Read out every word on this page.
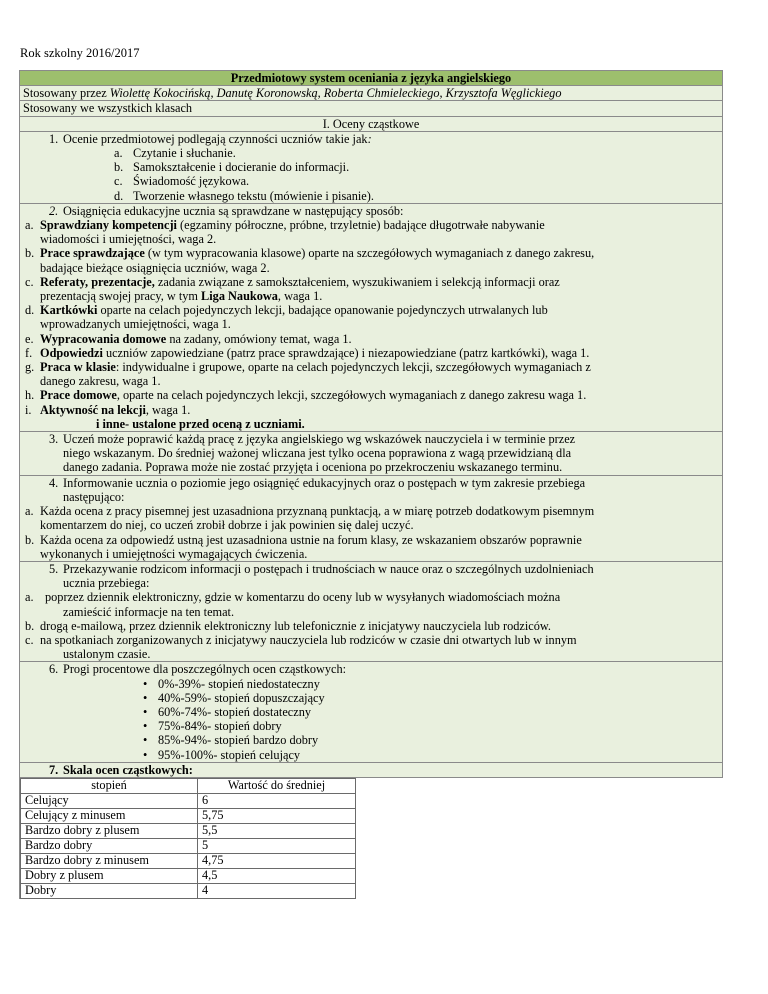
Rok szkolny 2016/2017
Przedmiotowy system oceniania z języka angielskiego
Stosowany przez Wiolettę Kokocińską, Danutę Koronowską, Roberta Chmieleckiego, Krzysztofa Węglickiego
Stosowany we wszystkich klasach
I. Oceny cząstkowe
1. Ocenie przedmiotowej podlegają czynności uczniów takie jak:
a. Czytanie i słuchanie.
b. Samokształcenie i docieranie do informacji.
c. Świadomość językowa.
d. Tworzenie własnego tekstu (mówienie i pisanie).
2. Osiągnięcia edukacyjne ucznia są sprawdzane w następujący sposób:
a. Sprawdziany kompetencji (egzaminy półroczne, próbne, trzyletnie) badające długotrwałe nabywanie
wiadomości i umiejętności, waga 2.
b. Prace sprawdzające (w tym wypracowania klasowe) oparte na szczegółowych wymaganiach z danego zakresu,
badające bieżące osiągnięcia uczniów, waga 2.
c. Referaty, prezentacje, zadania związane z samokształceniem, wyszukiwaniem i selekcją informacji oraz
prezentacją swojej pracy, w tym Liga Naukowa, waga 1.
d. Kartkówki oparte na celach pojedynczych lekcji, badające opanowanie pojedynczych utrwalanych lub
wprowadzanych umiejętności, waga 1.
e. Wypracowania domowe na zadany, omówiony temat, waga 1.
f. Odpowiedzi uczniów zapowiedziane (patrz prace sprawdzające) i niezapowiedziane (patrz kartkówki), waga 1.
g. Praca w klasie: indywidualne i grupowe, oparte na celach pojedynczych lekcji, szczegółowych wymaganiach z
danego zakresu, waga 1.
h. Prace domowe, oparte na celach pojedynczych lekcji, szczegółowych wymaganiach z danego zakresu waga 1.
i. Aktywność na lekcji, waga 1.
i inne- ustalone przed oceną z uczniami.
3. Uczeń może poprawić każdą pracę z języka angielskiego wg wskazówek nauczyciela i w terminie przez
niego wskazanym. Do średniej ważonej wliczana jest tylko ocena poprawiona z wagą przewidzianą dla
danego zadania. Poprawa może nie zostać przyjęta i oceniona po przekroczeniu wskazanego terminu.
4. Informowanie ucznia o poziomie jego osiągnięć edukacyjnych oraz o postępach w tym zakresie przebiega
następująco:
a. Każda ocena z pracy pisemnej jest uzasadniona przyznaną punktacją, a w miarę potrzeb dodatkowym pisemnym
komentarzem do niej, co uczeń zrobił dobrze i jak powinien się dalej uczyć.
b. Każda ocena za odpowiedź ustną jest uzasadniona ustnie na forum klasy, ze wskazaniem obszarów poprawnie
wykonanych i umiejętności wymagających ćwiczenia.
5. Przekazywanie rodzicom informacji o postępach i trudnościach w nauce oraz o szczególnych uzdolnieniach
ucznia przebiega:
a. poprzez dziennik elektroniczny, gdzie w komentarzu do oceny lub w wysyłanych wiadomościach można
zamieścić informacje na ten temat.
b. drogą e-mailową, przez dziennik elektroniczny lub telefonicznie z inicjatywy nauczyciela lub rodziców.
c. na spotkaniach zorganizowanych z inicjatywy nauczyciela lub rodziców w czasie dni otwartych lub w innym
ustalonym czasie.
6. Progi procentowe dla poszczególnych ocen cząstkowych:
• 0%-39%- stopień niedostateczny
• 40%-59%- stopień dopuszczający
• 60%-74%- stopień dostateczny
• 75%-84%- stopień dobry
• 85%-94%- stopień bardzo dobry
• 95%-100%- stopień celujący
7. Skala ocen cząstkowych:
stopień	Wartość do średniej
Celujący	6
Celujący z minusem	5,75
Bardzo dobry z plusem	5,5
Bardzo dobry	5
Bardzo dobry z minusem	4,75
Dobry z plusem	4,5
Dobry	4
